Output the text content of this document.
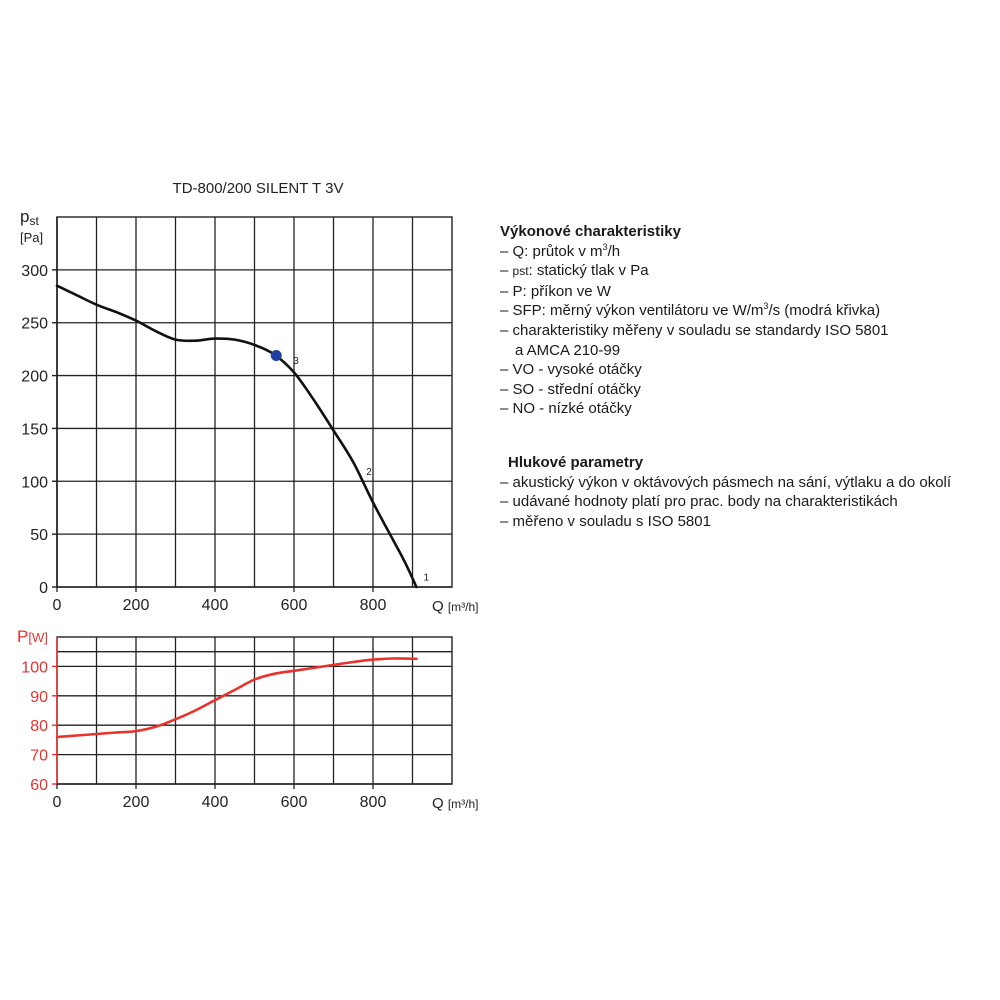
TD-800/200 SILENT T 3V
0
50
100
150
200
250
300
0	200	400	600	800	Q [m³/h]
pst
[Pa]
3
2
1
60
70
80
90
100
0	200	400	600	800	Q [m³/h]
P[W]
Výkonové charakteristiky
– Q: průtok v $m^3/h$
– pst: statický tlak v Pa
– P: příkon ve W
– SFP: měrný výkon ventilátoru ve $W/m^3/s$ (modrá křivka)
– charakteristiky měřeny v souladu se standardy ISO 5801
a AMCA 210-99
– VO - vysoké otáčky
– SO - střední otáčky
– NO - nízké otáčky
Hlukové parametry
– akustický výkon v oktávových pásmech na sání, výtlaku a do okolí
– udávané hodnoty platí pro prac. body na charakteristikách
– měřeno v souladu s ISO 5801
